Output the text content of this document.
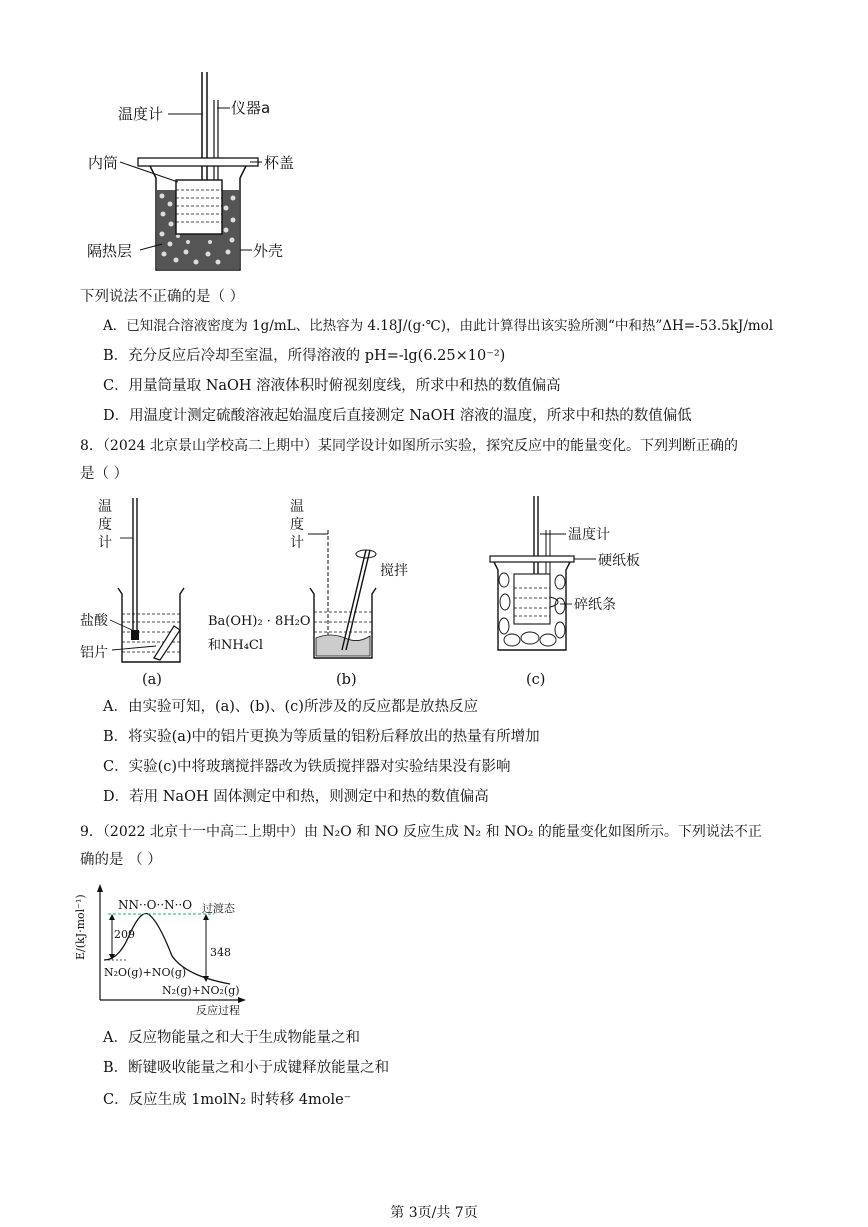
温度计	仪器a
内筒	杯盖
隔热层	外壳
下列说法不正确的是（ ）
A．已知混合溶液密度为 1g/mL、比热容为 4.18J/(g·℃)，由此计算得出该实验所测“中和热”ΔH=-53.5kJ/mol
B．充分反应后冷却至室温，所得溶液的 pH=-lg(6.25×10⁻²)
C．用量筒量取 NaOH 溶液体积时俯视刻度线，所求中和热的数值偏高
D．用温度计测定硫酸溶液起始温度后直接测定 NaOH 溶液的温度，所求中和热的数值偏低
8．（2024 北京景山学校高二上期中）某同学设计如图所示实验，探究反应中的能量变化。下列判断正确的
是（ ）
温
度
计
盐酸
铝片
(a)
温
度
计
搅拌
Ba(OH)₂ · 8H₂O
和NH₄Cl
(b)
温度计
硬纸板
碎纸条
(c)
A．由实验可知，(a)、(b)、(c)所涉及的反应都是放热反应
B．将实验(a)中的铝片更换为等质量的铝粉后释放出的热量有所增加
C．实验(c)中将玻璃搅拌器改为铁质搅拌器对实验结果没有影响
D．若用 NaOH 固体测定中和热，则测定中和热的数值偏高
9．（2022 北京十一中高二上期中）由 N₂O 和 NO 反应生成 N₂ 和 NO₂ 的能量变化如图所示。下列说法不正
确的是 （ ）
E/(kJ·mol⁻¹)	NN··O··N··O 过渡态
209
348
N₂O(g)+NO(g)
N₂(g)+NO₂(g)
反应过程
A．反应物能量之和大于生成物能量之和
B．断键吸收能量之和小于成键释放能量之和
C．反应生成 1molN₂ 时转移 4mole⁻
第 3页/共 7页
